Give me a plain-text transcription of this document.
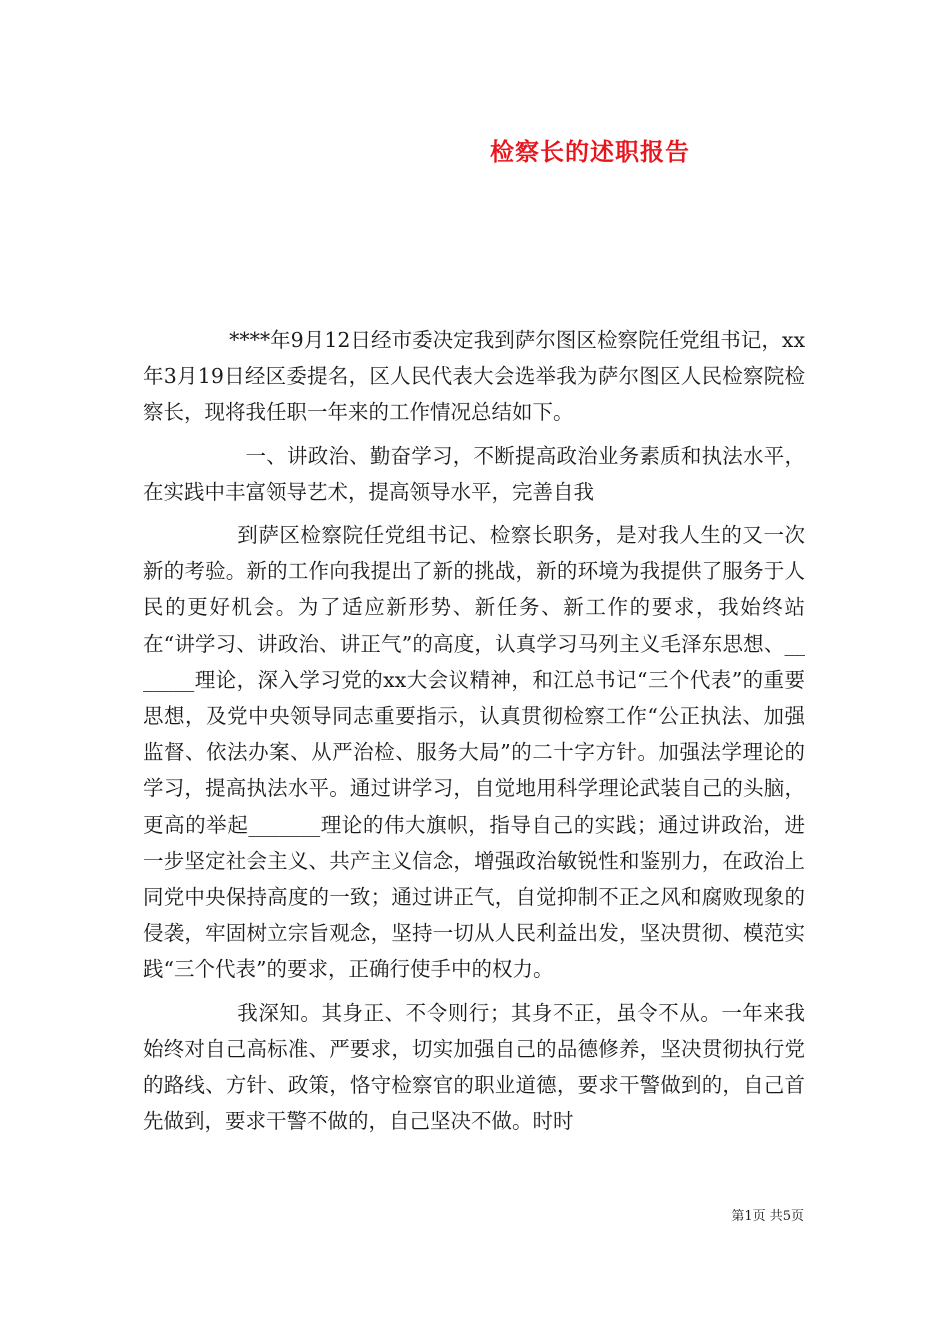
检察长的述职报告

****年9月12日经市委决定我到萨尔图区检察院任党组书记，xx年3月19日经区委提名，区人民代表大会选举我为萨尔图区人民检察院检察长，现将我任职一年来的工作情况总结如下。

一、讲政治、勤奋学习，不断提高政治业务素质和执法水平，在实践中丰富领导艺术，提高领导水平，完善自我

到萨区检察院任党组书记、检察长职务，是对我人生的又一次新的考验。新的工作向我提出了新的挑战，新的环境为我提供了服务于人民的更好机会。为了适应新形势、新任务、新工作的要求，我始终站在“讲学习、讲政治、讲正气”的高度，认真学习马列主义毛泽东思想、_______理论，深入学习党的xx大会议精神，和江总书记“三个代表”的重要思想，及党中央领导同志重要指示，认真贯彻检察工作“公正执法、加强监督、依法办案、从严治检、服务大局”的二十字方针。加强法学理论的学习，提高执法水平。通过讲学习，自觉地用科学理论武装自己的头脑，更高的举起_______理论的伟大旗帜，指导自己的实践；通过讲政治，进一步坚定社会主义、共产主义信念，增强政治敏锐性和鉴别力，在政治上同党中央保持高度的一致；通过讲正气，自觉抑制不正之风和腐败现象的侵袭，牢固树立宗旨观念，坚持一切从人民利益出发，坚决贯彻、模范实践“三个代表”的要求，正确行使手中的权力。

我深知。其身正、不令则行；其身不正，虽令不从。一年来我始终对自己高标准、严要求，切实加强自己的品德修养，坚决贯彻执行党的路线、方针、政策，恪守检察官的职业道德，要求干警做到的，自己首先做到，要求干警不做的，自己坚决不做。时时

第1页 共5页
